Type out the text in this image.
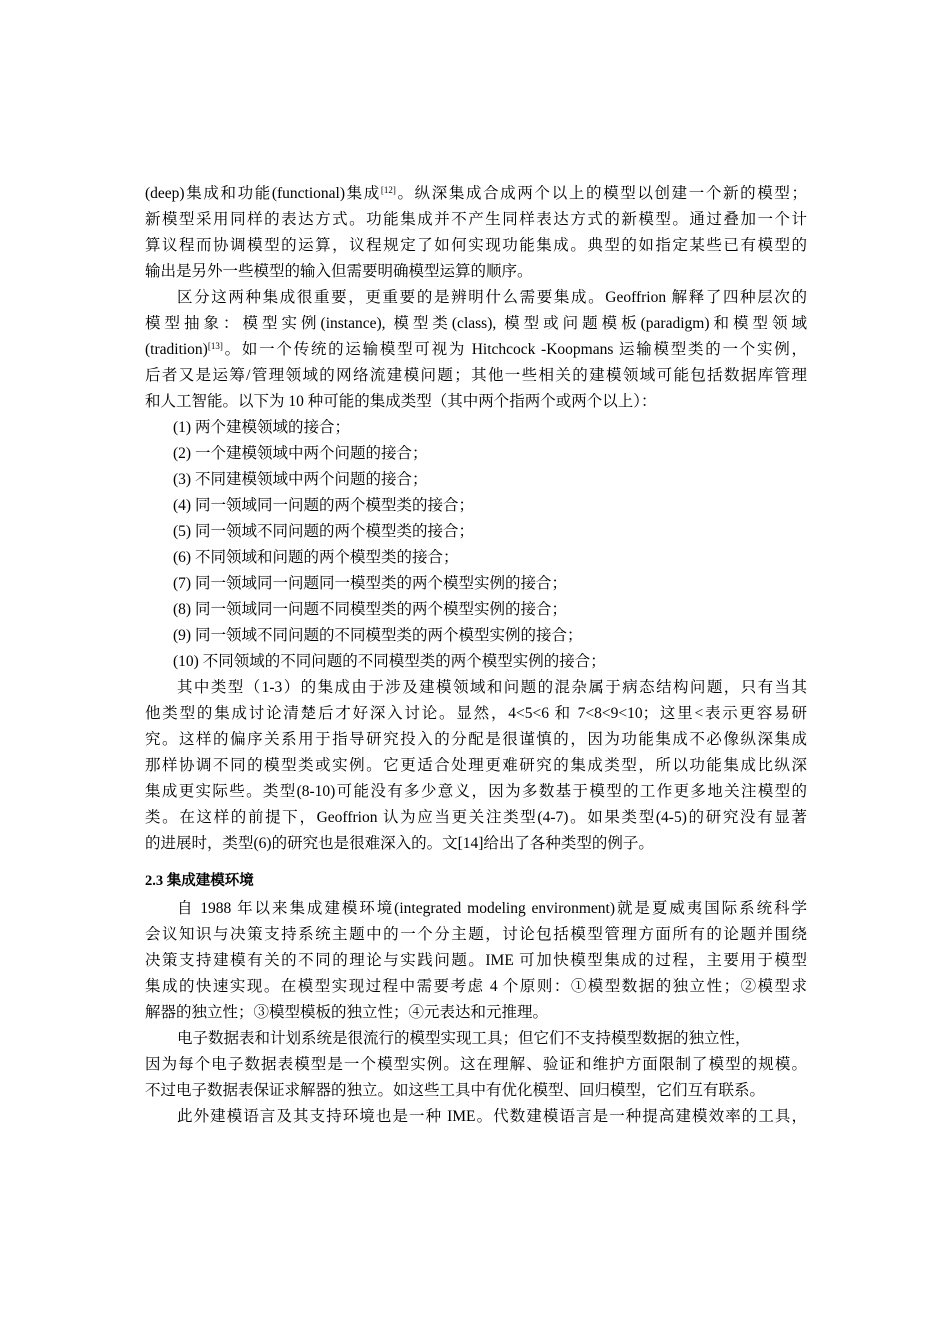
(deep)集成和功能(functional)集成[12]。纵深集成合成两个以上的模型以创建一个新的模型；
新模型采用同样的表达方式。功能集成并不产生同样表达方式的新模型。通过叠加一个计
算议程而协调模型的运算，议程规定了如何实现功能集成。典型的如指定某些已有模型的
输出是另外一些模型的输入但需要明确模型运算的顺序。
区分这两种集成很重要，更重要的是辨明什么需要集成。Geoffrion 解释了四种层次的
模型抽象：模型实例(instance), 模型类(class), 模型或问题模板(paradigm)和模型领域
(tradition)[13]。如一个传统的运输模型可视为 Hitchcock -Koopmans 运输模型类的一个实例，
后者又是运筹/管理领域的网络流建模问题；其他一些相关的建模领域可能包括数据库管理
和人工智能。以下为 10 种可能的集成类型（其中两个指两个或两个以上）：
(1) 两个建模领域的接合；
(2) 一个建模领域中两个问题的接合；
(3) 不同建模领域中两个问题的接合；
(4) 同一领域同一问题的两个模型类的接合；
(5) 同一领域不同问题的两个模型类的接合；
(6) 不同领域和问题的两个模型类的接合；
(7) 同一领域同一问题同一模型类的两个模型实例的接合；
(8) 同一领域同一问题不同模型类的两个模型实例的接合；
(9) 同一领域不同问题的不同模型类的两个模型实例的接合；
(10) 不同领域的不同问题的不同模型类的两个模型实例的接合；
其中类型（1-3）的集成由于涉及建模领域和问题的混杂属于病态结构问题，只有当其
他类型的集成讨论清楚后才好深入讨论。显然，4<5<6 和 7<8<9<10；这里<表示更容易研
究。这样的偏序关系用于指导研究投入的分配是很谨慎的，因为功能集成不必像纵深集成
那样协调不同的模型类或实例。它更适合处理更难研究的集成类型，所以功能集成比纵深
集成更实际些。类型(8-10)可能没有多少意义，因为多数基于模型的工作更多地关注模型的
类。在这样的前提下，Geoffrion 认为应当更关注类型(4-7)。如果类型(4-5)的研究没有显著
的进展时，类型(6)的研究也是很难深入的。文[14]给出了各种类型的例子。
2.3 集成建模环境
自 1988 年以来集成建模环境(integrated modeling environment)就是夏威夷国际系统科学
会议知识与决策支持系统主题中的一个分主题，讨论包括模型管理方面所有的论题并围绕
决策支持建模有关的不同的理论与实践问题。IME 可加快模型集成的过程，主要用于模型
集成的快速实现。在模型实现过程中需要考虑 4 个原则：①模型数据的独立性；②模型求
解器的独立性；③模型模板的独立性；④元表达和元推理。
电子数据表和计划系统是很流行的模型实现工具；但它们不支持模型数据的独立性，
因为每个电子数据表模型是一个模型实例。这在理解、验证和维护方面限制了模型的规模。
不过电子数据表保证求解器的独立。如这些工具中有优化模型、回归模型，它们互有联系。
此外建模语言及其支持环境也是一种 IME。代数建模语言是一种提高建模效率的工具，
